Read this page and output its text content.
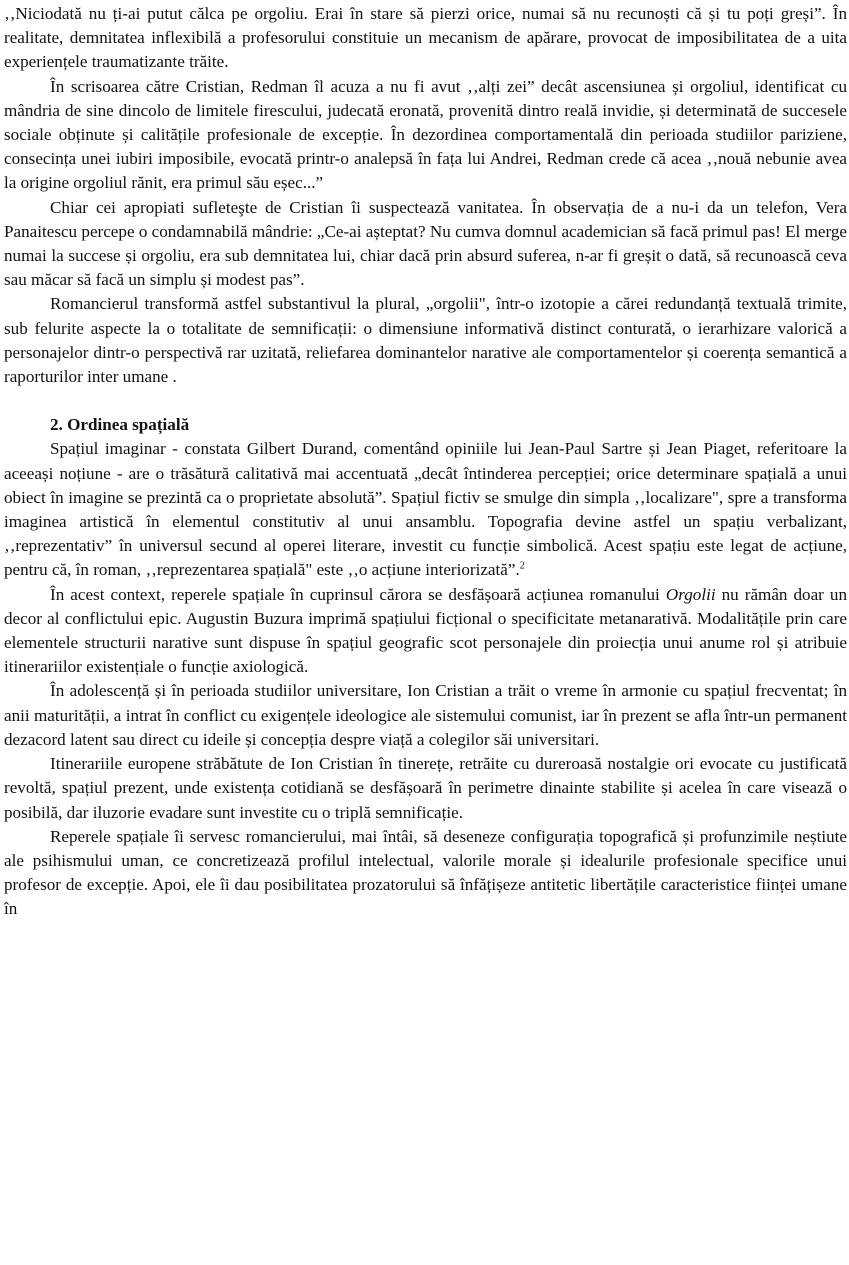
‚‚Niciodată nu ți-ai putut călca pe orgoliu. Erai în stare să pierzi orice, numai să nu recunoști că și tu poți greși”. În realitate, demnitatea inflexibilă a profesorului constituie un mecanism de apărare, provocat de imposibilitatea de a uita experiențele traumatizante trăite.

În scrisoarea către Cristian, Redman îl acuza a nu fi avut ‚‚alți zei” decât ascensiunea și orgoliul, identificat cu mândria de sine dincolo de limitele firescului, judecată eronată, provenită dintro reală invidie, și determinată de succesele sociale obținute și calitățile profesionale de excepție. În dezordinea comportamentală din perioada studiilor pariziene, consecința unei iubiri imposibile, evocată printr-o analepsă în fața lui Andrei, Redman crede că acea ‚‚nouă nebunie avea la origine orgoliul rănit, era primul său eșec...”

Chiar cei apropiati sufleteşte de Cristian îi suspectează vanitatea. În observația de a nu-i da un telefon, Vera Panaitescu percepe o condamnabilă mândrie: „Ce-ai așteptat? Nu cumva domnul academician să facă primul pas! El merge numai la succese și orgoliu, era sub demnitatea lui, chiar dacă prin absurd suferea, n-ar fi greșit o dată, să recunoască ceva sau măcar să facă un simplu și modest pas”.

Romancierul transformă astfel substantivul la plural, „orgolii", într-o izotopie a cărei redundanță textuală trimite, sub felurite aspecte la o totalitate de semnificații: o dimensiune informativă distinct conturată, o ierarhizare valorică a personajelor dintr-o perspectivă rar uzitată, reliefarea dominantelor narative ale comportamentelor și coerența semantică a raporturilor inter umane .

2. Ordinea spațială

Spațiul imaginar - constata Gilbert Durand, comentând opiniile lui Jean-Paul Sartre și Jean Piaget, referitoare la aceeași noțiune - are o trăsătură calitativă mai accentuată „decât întinderea percepției; orice determinare spațială a unui obiect în imagine se prezintă ca o proprietate absolută”. Spațiul fictiv se smulge din simpla ‚‚localizare", spre a transforma imaginea artistică în elementul constitutiv al unui ansamblu. Topografia devine astfel un spațiu verbalizant, ‚‚reprezentativ” în universul secund al operei literare, investit cu funcție simbolică. Acest spațiu este legat de acțiune, pentru că, în roman, ‚‚reprezentarea spațială" este ‚‚o acțiune interiorizată”.$^2$

În acest context, reperele spațiale în cuprinsul cărora se desfășoară acțiunea romanului Orgolii nu rămân doar un decor al conflictului epic. Augustin Buzura imprimă spațiului ficțional o specificitate metanarativă. Modalitățile prin care elementele structurii narative sunt dispuse în spațiul geografic scot personajele din proiecția unui anume rol și atribuie itinerariilor existențiale o funcție axiologică.

În adolescență și în perioada studiilor universitare, Ion Cristian a trăit o vreme în armonie cu spațiul frecventat; în anii maturității, a intrat în conflict cu exigențele ideologice ale sistemului comunist, iar în prezent se afla într-un permanent dezacord latent sau direct cu ideile și concepția despre viață a colegilor săi universitari.

Itinerariile europene străbătute de Ion Cristian în tinerețe, retrăite cu dureroasă nostalgie ori evocate cu justificată revoltă, spațiul prezent, unde existența cotidiană se desfășoară în perimetre dinainte stabilite și acelea în care visează o posibilă, dar iluzorie evadare sunt investite cu o triplă semnificație.

Reperele spațiale îi servesc romancierului, mai întâi, să deseneze configurația topografică și profunzimile neștiute ale psihismului uman, ce concretizează profilul intelectual, valorile morale și idealurile profesionale specifice unui profesor de excepție. Apoi, ele îi dau posibilitatea prozatorului să înfățișeze antitetic libertățile caracteristice ființei umane în
